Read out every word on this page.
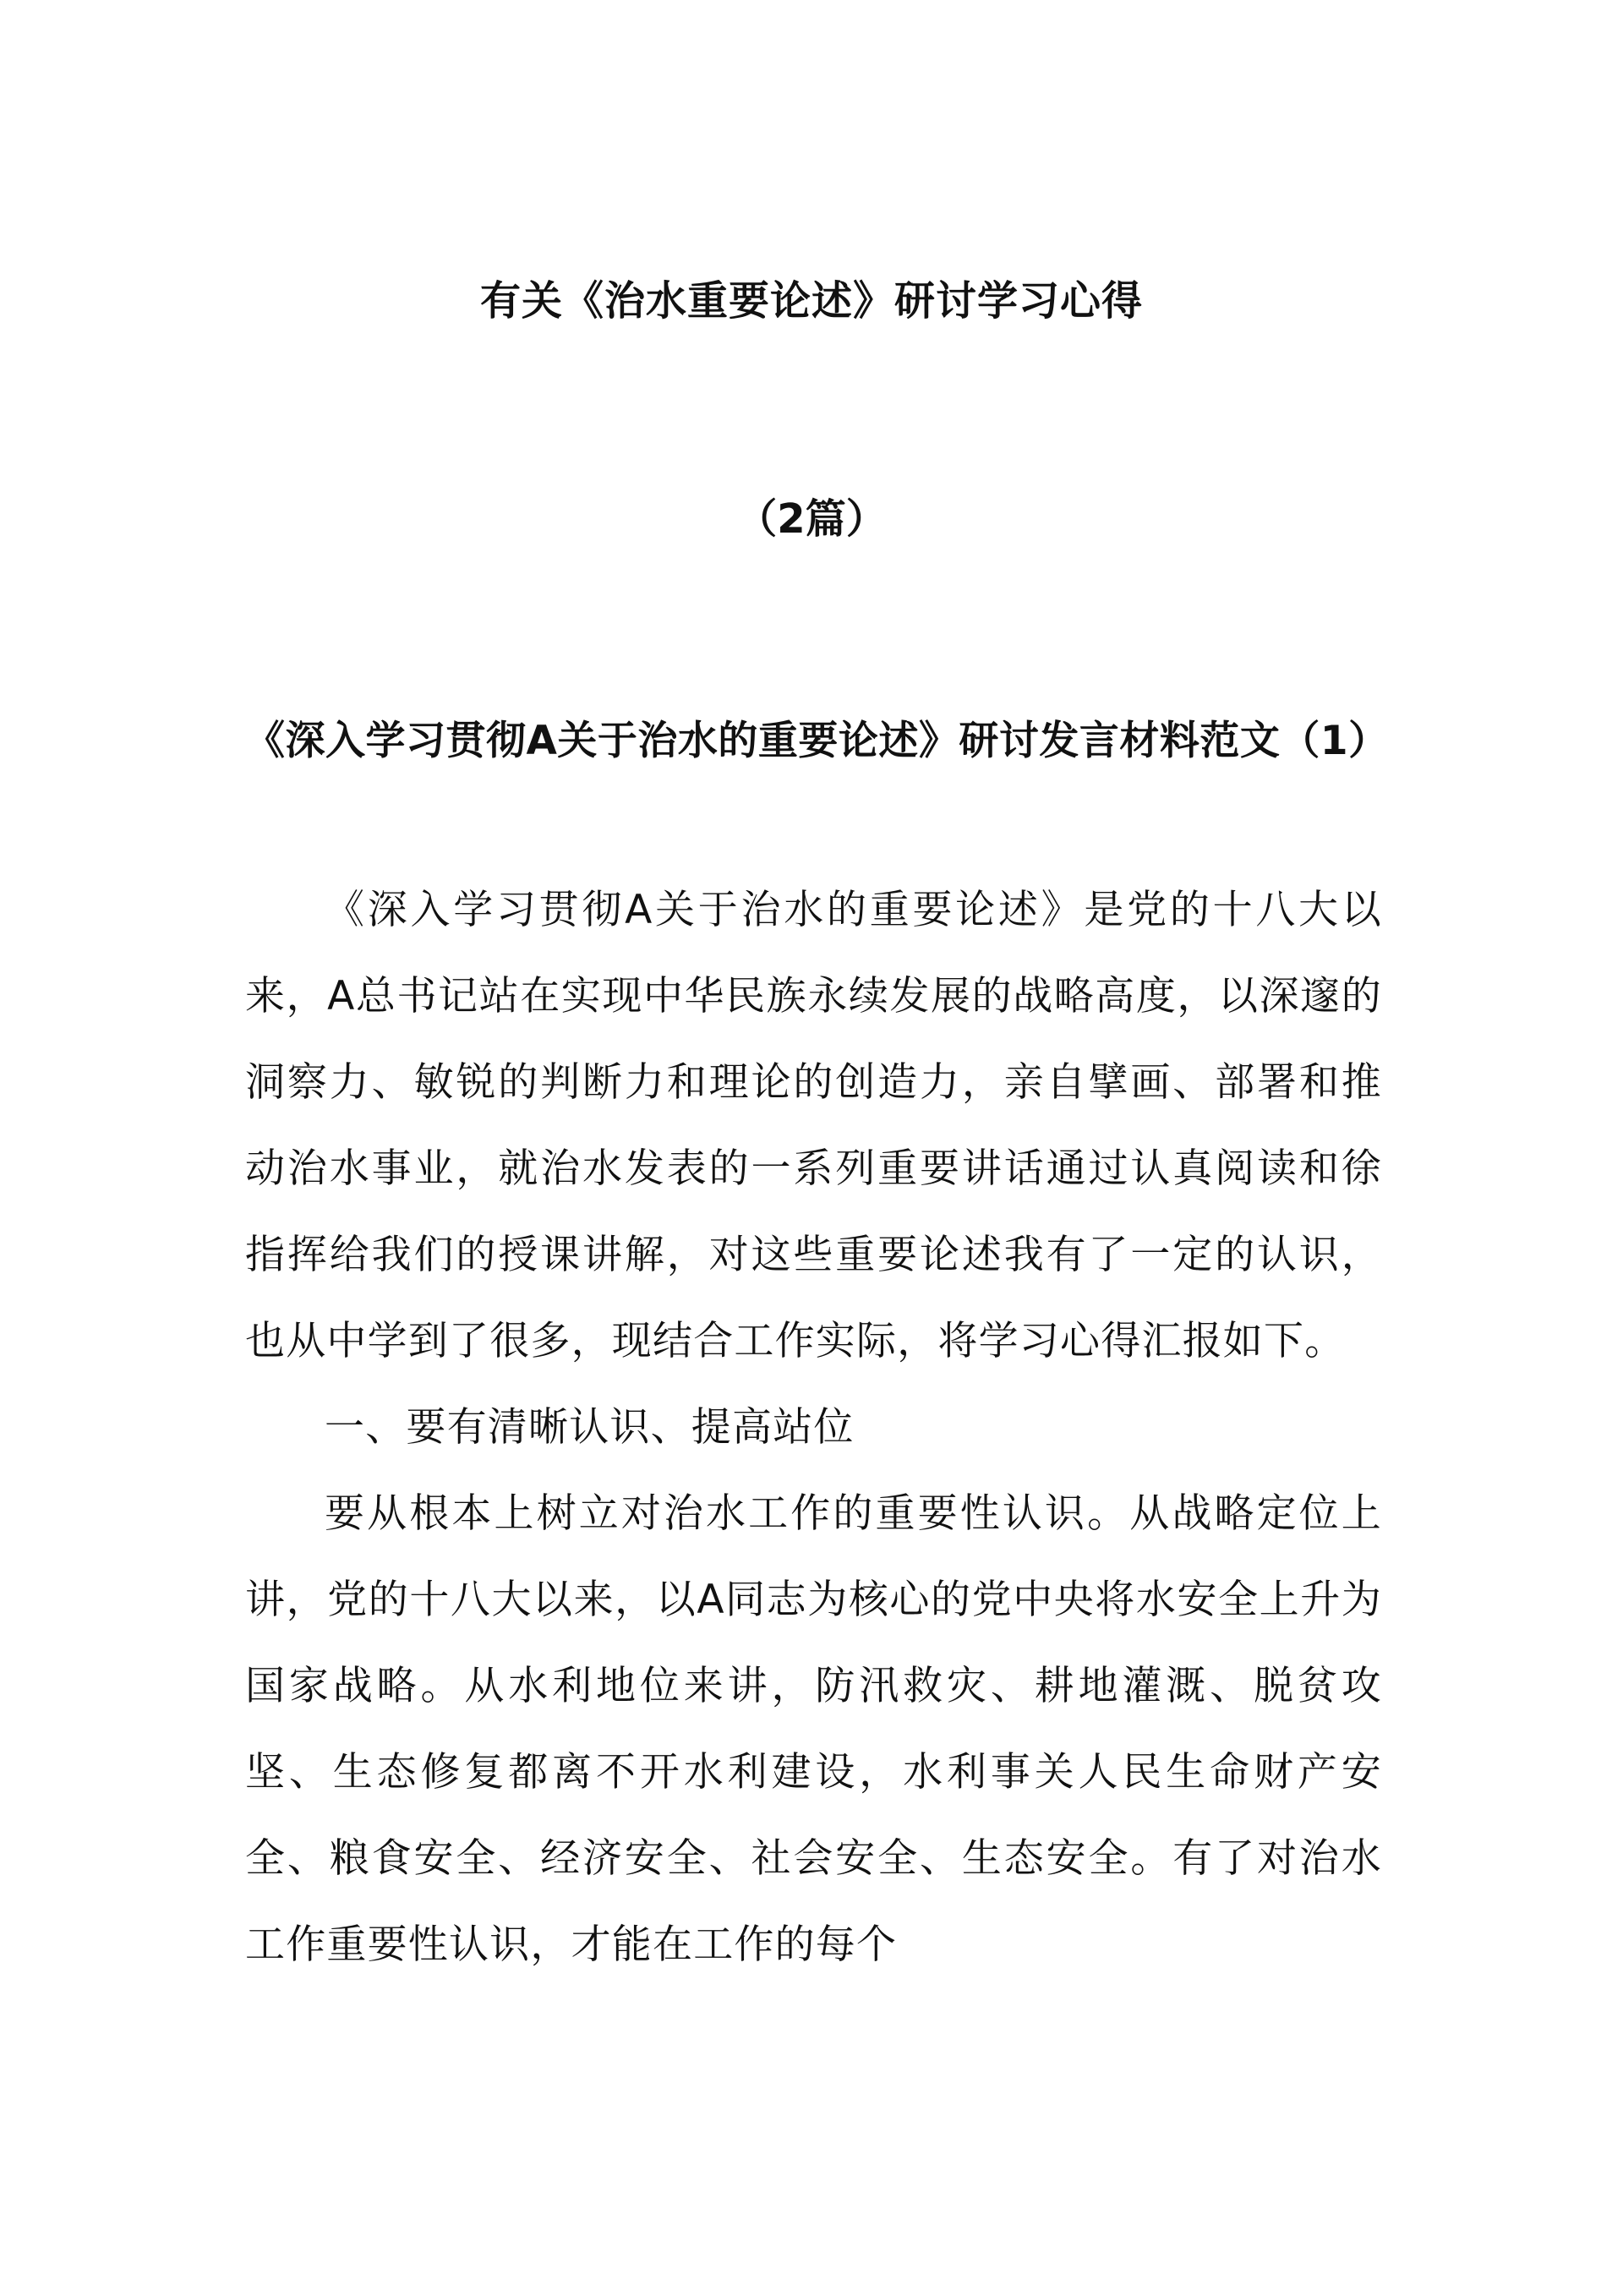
有关《治水重要论述》研讨学习心得
（2篇）
《深入学习贯彻A关于治水的重要论述》研讨发言材料范文（1）

《深入学习贯彻A关于治水的重要论述》是党的十八大以来，A总书记站在实现中华民族永续发展的战略高度，以深邃的洞察力、敏锐的判断力和理论的创造力，亲自擘画、部署和推动治水事业，就治水发表的一系列重要讲话通过认真阅读和徐指挥给我们的授课讲解，对这些重要论述我有了一定的认识，也从中学到了很多，现结合工作实际，将学习心得汇报如下。

一、要有清晰认识、提高站位

要从根本上树立对治水工作的重要性认识。从战略定位上讲，党的十八大以来，以A同志为核心的党中央将水安全上升为国家战略。从水利地位来讲，防汛救灾、耕地灌溉、脱贫攻坚、生态修复都离不开水利建设，水利事关人民生命财产安全、粮食安全、经济安全、社会安全、生态安全。有了对治水工作重要性认识，才能在工作的每个
